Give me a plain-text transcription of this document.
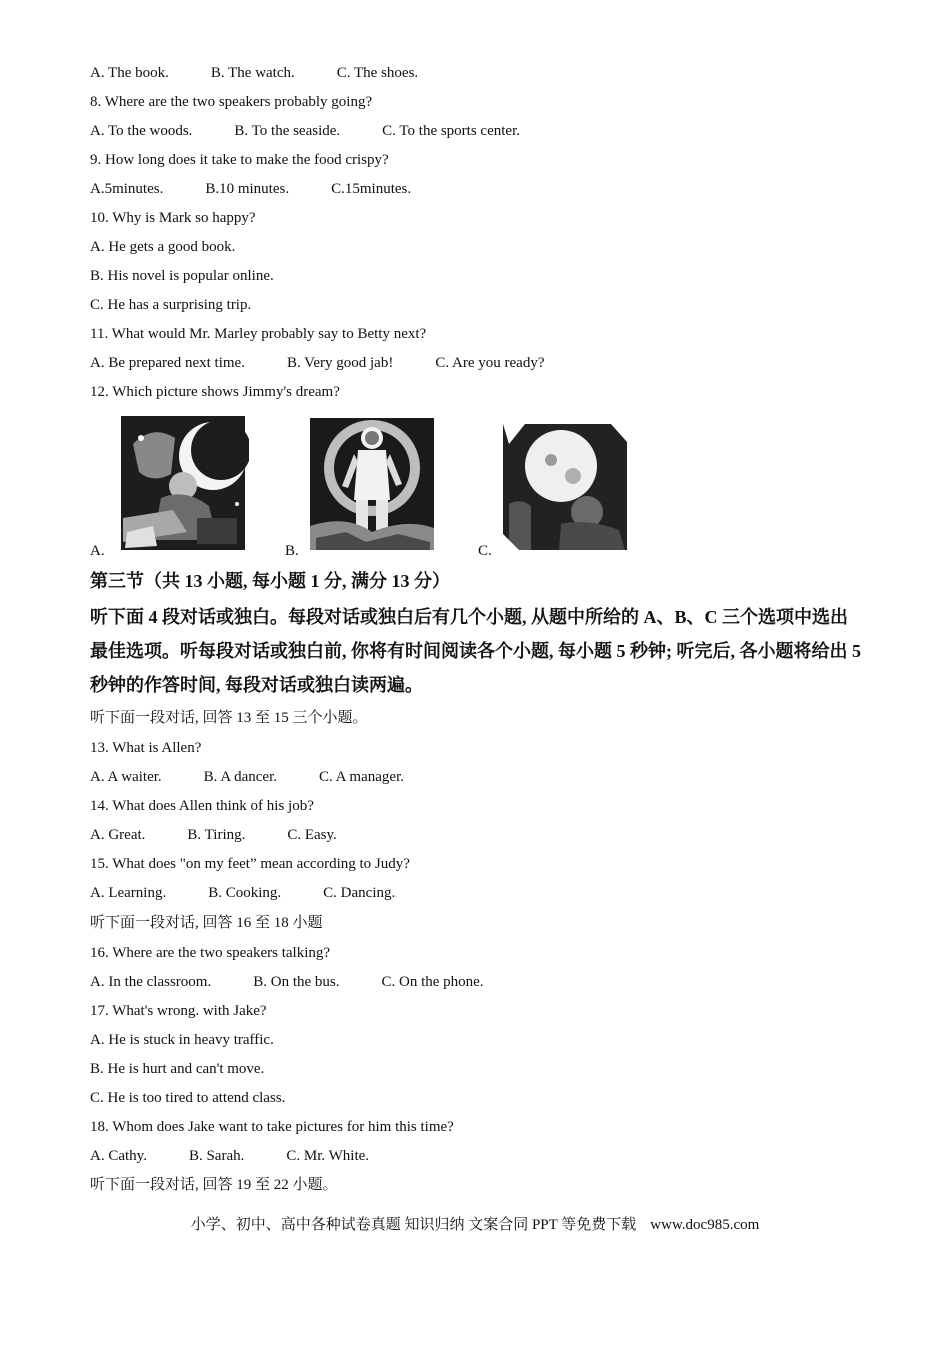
A. The book.	B. The watch.	C. The shoes.
8. Where are the two speakers probably going?
A. To the woods.	B. To the seaside.	C. To the sports center.
9. How long does it take to make the food crispy?
A.5minutes.	B.10 minutes.	C.15minutes.
10. Why is Mark so happy?
A. He gets a good book.
B. His novel is popular online.
C. He has a surprising trip.
11. What would Mr. Marley probably say to Betty next?
A. Be prepared next time.	B. Very good jab!	C. Are you ready?
12. Which picture shows Jimmy's dream?
A.	B.	C.
第三节（共 13 小题, 每小题 1 分, 满分 13 分）
听下面 4 段对话或独白。每段对话或独白后有几个小题, 从题中所给的 A、B、C 三个选项中选出最佳选项。听每段对话或独白前, 你将有时间阅读各个小题, 每小题 5 秒钟; 听完后, 各小题将给出 5 秒钟的作答时间, 每段对话或独白读两遍。
听下面一段对话, 回答 13 至 15 三个小题。
13. What is Allen?
A. A waiter.	B. A dancer.	C. A manager.
14. What does Allen think of his job?
A. Great.	B. Tiring.	C. Easy.
15. What does "on my feet” mean according to Judy?
A. Learning.	B. Cooking.	C. Dancing..
听下面一段对话, 回答 16 至 18 小题
16. Where are the two speakers talking?
A. In the classroom.	B. On the bus.	C. On the phone.
17. What's wrong. with Jake?
A. He is stuck in heavy traffic.
B. He is hurt and can't move.
C. He is too tired to attend class.
18. Whom does Jake want to take pictures for him this time?
A. Cathy.	B. Sarah.	C. Mr. White.
听下面一段对话, 回答 19 至 22 小题。
小学、初中、高中各种试卷真题 知识归纳 文案合同 PPT 等免费下载 www.doc985.com
